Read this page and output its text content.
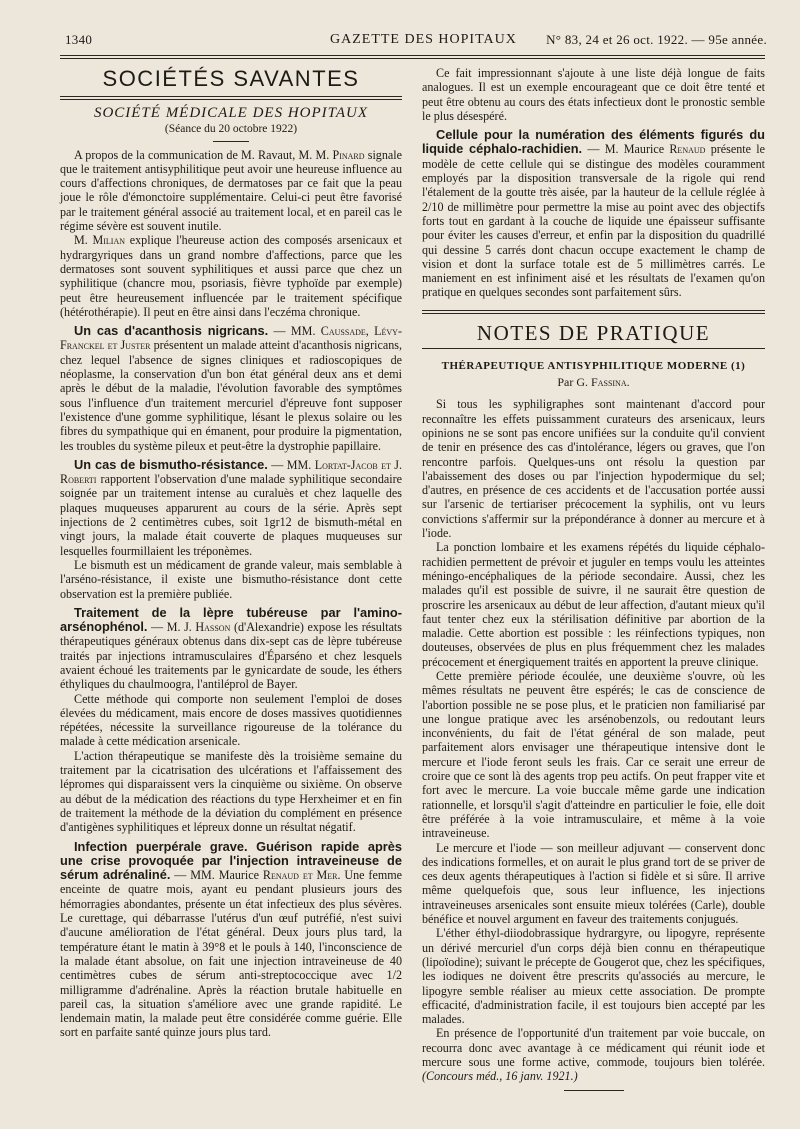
1340	GAZETTE DES HOPITAUX N° 83, 24 et 26 oct. 1922. — 95e année.
SOCIÉTÉS SAVANTES
SOCIÉTÉ MÉDICALE DES HOPITAUX
(Séance du 20 octobre 1922)

A propos de la communication de M. Ravaut, M. M. Pinard signale que le traitement antisyphilitique peut avoir une heureuse influence au cours d'affections chroniques, de dermatoses par ce fait que la peau joue le rôle d'émonctoire supplémentaire. Celui-ci peut être favorisé par le traitement général associé au traitement local, et en pareil cas le régime sévère est souvent inutile.

M. Milian explique l'heureuse action des composés arsenicaux et hydrargyriques dans un grand nombre d'affections, parce que les dermatoses sont souvent syphilitiques et aussi parce que chez un syphilitique (chancre mou, psoriasis, fièvre typhoïde par exemple) peut être heureusement influencée par le traitement spécifique (hétérothérapie). Il peut en être ainsi dans l'eczéma chronique.

Un cas d'acanthosis nigricans. — MM. Caussade, Lévy-Franckel et Juster présentent un malade atteint d'acanthosis nigricans, chez lequel l'absence de signes cliniques et radioscopiques de néoplasme, la conservation d'un bon état général deux ans et demi après le début de la maladie, l'évolution favorable des symptômes sous l'influence d'un traitement mercuriel d'épreuve font supposer l'existence d'une gomme syphilitique, lésant le plexus solaire ou les fibres du sympathique qui en émanent, pour produire la pigmentation, les troubles du système pileux et peut-être la dystrophie papillaire.

Un cas de bismutho-résistance. — MM. Lortat-Jacob et J. Roberti rapportent l'observation d'une malade syphilitique secondaire soignée par un traitement intense au curaluès et chez laquelle des plaques muqueuses apparurent au cours de la série. Après sept injections de 2 centimètres cubes, soit 1gr12 de bismuth-métal en vingt jours, la malade était couverte de plaques muqueuses sur lesquelles fourmillaient les tréponèmes.

Le bismuth est un médicament de grande valeur, mais semblable à l'arséno-résistance, il existe une bismutho-résistance dont cette observation est la première publiée.

Traitement de la lèpre tubéreuse par l'amino-arsénophénol. — M. J. Hasson (d'Alexandrie) expose les résultats thérapeutiques généraux obtenus dans dix-sept cas de lèpre tubéreuse traités par injections intramusculaires d'Éparséno et chez lesquels avaient échoué les traitements par le gynicardate de soude, les éthers éthyliques du chaulmoogra, l'antiléprol de Bayer.

Cette méthode qui comporte non seulement l'emploi de doses élevées du médicament, mais encore de doses massives quotidiennes répétées, nécessite la surveillance rigoureuse de la tolérance du malade à cette médication arsenicale.

L'action thérapeutique se manifeste dès la troisième semaine du traitement par la cicatrisation des ulcérations et l'affaissement des lépromes qui disparaissent vers la cinquième ou sixième. On observe au début de la médication des réactions du type Herxheimer et en fin de traitement la méthode de la déviation du complément en présence d'antigènes syphilitiques et lépreux donne un résultat négatif.

Infection puerpérale grave. Guérison rapide après une crise provoquée par l'injection intraveineuse de sérum adrénaliné. — MM. Maurice Renaud et Mer. Une femme enceinte de quatre mois, ayant eu pendant plusieurs jours des hémorragies abondantes, présente un état infectieux des plus sévères. Le curettage, qui débarrasse l'utérus d'un œuf putréfié, n'est suivi d'aucune amélioration de l'état général. Deux jours plus tard, la température étant le matin à 39°8 et le pouls à 140, l'inconscience de la malade étant absolue, on fait une injection intraveineuse de 40 centimètres cubes de sérum anti-streptococcique avec 1/2 milligramme d'adrénaline. Après la réaction brutale habituelle en pareil cas, la situation s'améliore avec une grande rapidité. Le lendemain matin, la malade peut être considérée comme guérie. Elle sort en parfaite santé quinze jours plus tard.

Ce fait impressionnant s'ajoute à une liste déjà longue de faits analogues. Il est un exemple encourageant que ce doit être tenté et peut être obtenu au cours des états infectieux dont le pronostic semble le plus désespéré.

Cellule pour la numération des éléments figurés du liquide céphalo-rachidien. — M. Maurice Renaud présente le modèle de cette cellule qui se distingue des modèles couramment employés par la disposition transversale de la rigole qui rend l'étalement de la goutte très aisée, par la hauteur de la cellule réglée à 2/10 de millimètre pour permettre la mise au point avec des objectifs forts tout en gardant à la couche de liquide une épaisseur suffisante pour éviter les causes d'erreur, et enfin par la disposition du quadrillé qui dessine 5 carrés dont chacun occupe exactement le champ de vision et dont la surface totale est de 5 millimètres carrés. Le maniement en est infiniment aisé et les résultats de l'examen qu'on pratique en quelques secondes sont parfaitement sûrs.

NOTES DE PRATIQUE
THÉRAPEUTIQUE ANTISYPHILITIQUE MODERNE (1)
Par G. Fassina.

Si tous les syphiligraphes sont maintenant d'accord pour reconnaître les effets puissamment curateurs des arsenicaux, leurs opinions ne se sont pas encore unifiées sur la conduite qu'il convient de tenir en présence des cas d'intolérance, légers ou graves, que l'on rencontre parfois. Quelques-uns ont résolu la question par l'abaissement des doses ou par l'injection hypodermique du sel; d'autres, en présence de ces accidents et de l'accusation portée aussi sur l'arsenic de tertiariser précocement la syphilis, ont vu leurs convictions s'affermir sur la prépondérance à donner au mercure et à l'iode.

La ponction lombaire et les examens répétés du liquide céphalo-rachidien permettent de prévoir et juguler en temps voulu les atteintes méningo-encéphaliques de la période secondaire. Aussi, chez les malades qu'il est possible de suivre, il ne saurait être question de proscrire les arsenicaux au début de leur affection, d'autant mieux qu'il faut tenter chez eux la stérilisation définitive par abortion de la maladie. Cette abortion est possible : les réinfections typiques, non douteuses, observées de plus en plus fréquemment chez les malades précocement et énergiquement traités en apportent la preuve clinique.

Cette première période écoulée, une deuxième s'ouvre, où les mêmes résultats ne peuvent être espérés; le cas de conscience de l'abortion possible ne se pose plus, et le praticien non familiarisé par une longue pratique avec les arsénobenzols, ou redoutant leurs inconvénients, du fait de l'état général de son malade, peut parfaitement alors envisager une thérapeutique intensive dont le mercure et l'iode feront seuls les frais. Car ce serait une erreur de croire que ce sont là des agents trop peu actifs. On peut frapper vite et fort avec le mercure. La voie buccale même garde une indication rationnelle, et lorsqu'il s'agit d'atteindre en particulier le foie, elle doit être préférée à la voie intramusculaire, et même à la voie intraveineuse.

Le mercure et l'iode — son meilleur adjuvant — conservent donc des indications formelles, et on aurait le plus grand tort de se priver de ces deux agents thérapeutiques à l'action si fidèle et si sûre. Il arrive même quelquefois que, sous leur influence, les injections intraveineuses arsenicales sont ensuite mieux tolérées (Carle), double bénéfice et nouvel argument en faveur des traitements conjugués.

L'éther éthyl-diiodobrassique hydrargyre, ou lipogyre, représente un dérivé mercuriel d'un corps déjà bien connu en thérapeutique (lipoïodine); suivant le précepte de Gougerot que, chez les spécifiques, les iodiques ne doivent être prescrits qu'associés au mercure, le lipogyre semble réaliser au mieux cette association. De prompte efficacité, d'administration facile, il est toujours bien accepté par les malades.

En présence de l'opportunité d'un traitement par voie buccale, on recourra donc avec avantage à ce médicament qui réunit iode et mercure sous une forme active, commode, toujours bien tolérée. (Concours méd., 16 janv. 1921.)
